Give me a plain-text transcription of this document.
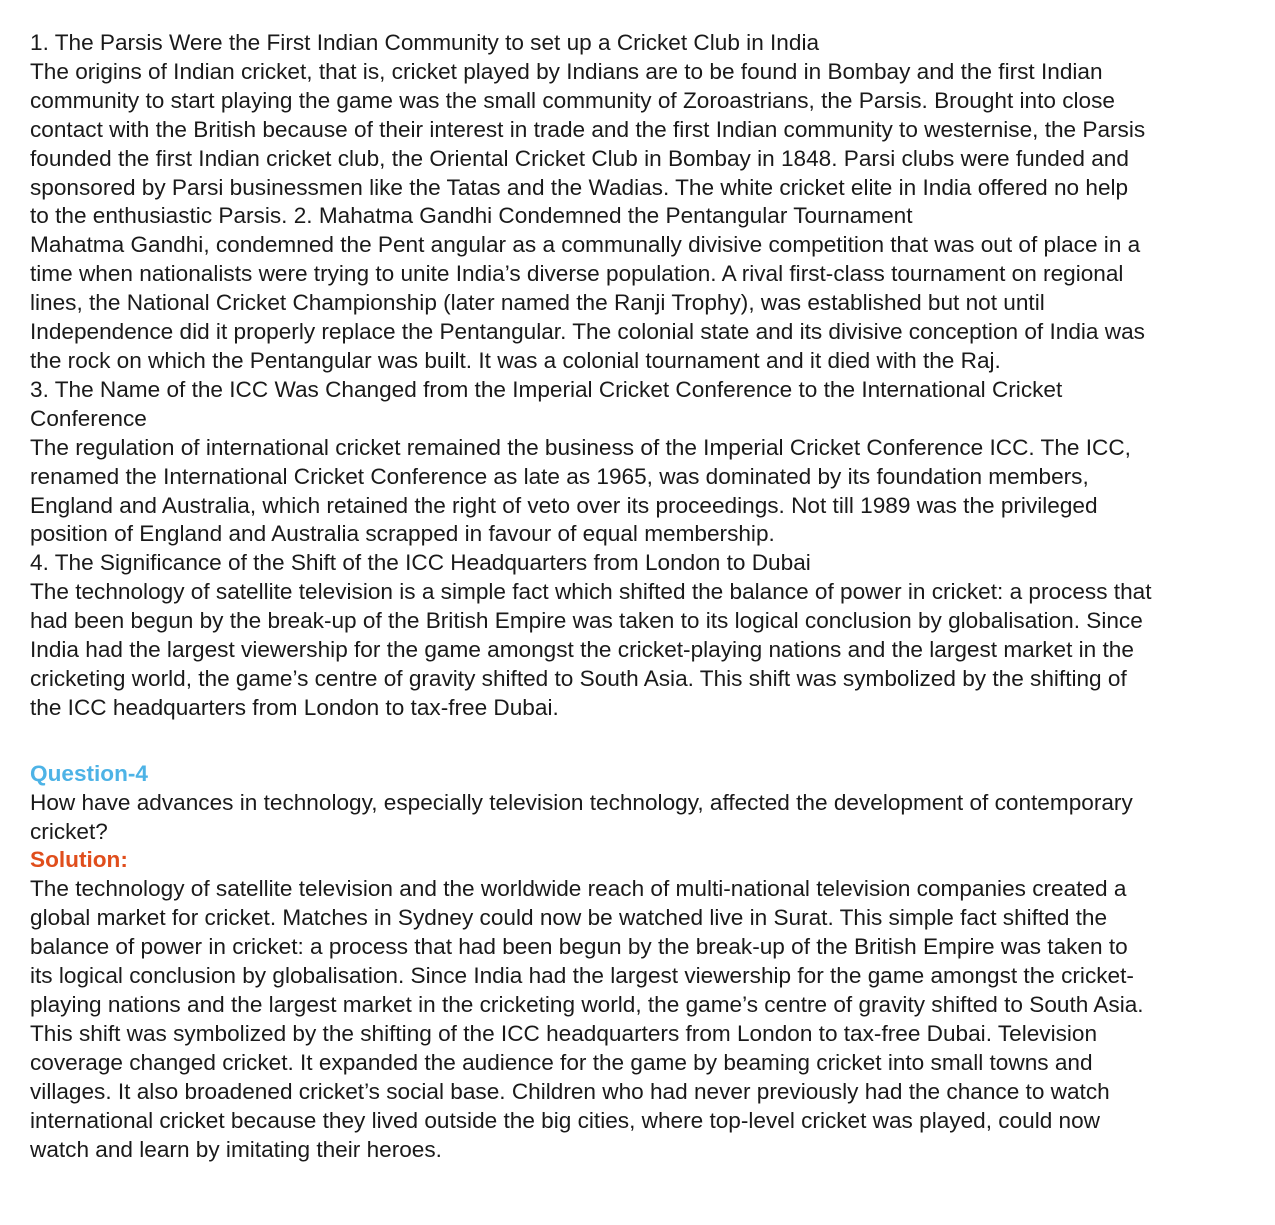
1. The Parsis Were the First Indian Community to set up a Cricket Club in India
The origins of Indian cricket, that is, cricket played by Indians are to be found in Bombay and the first Indian
community to start playing the game was the small community of Zoroastrians, the Parsis. Brought into close
contact with the British because of their interest in trade and the first Indian community to westernise, the Parsis
founded the first Indian cricket club, the Oriental Cricket Club in Bombay in 1848. Parsi clubs were funded and
sponsored by Parsi businessmen like the Tatas and the Wadias. The white cricket elite in India offered no help
to the enthusiastic Parsis. 2. Mahatma Gandhi Condemned the Pentangular Tournament
Mahatma Gandhi, condemned the Pent angular as a communally divisive competition that was out of place in a
time when nationalists were trying to unite India’s diverse population. A rival first-class tournament on regional
lines, the National Cricket Championship (later named the Ranji Trophy), was established but not until
Independence did it properly replace the Pentangular. The colonial state and its divisive conception of India was
the rock on which the Pentangular was built. It was a colonial tournament and it died with the Raj.
3. The Name of the ICC Was Changed from the Imperial Cricket Conference to the International Cricket
Conference
The regulation of international cricket remained the business of the Imperial Cricket Conference ICC. The ICC,
renamed the International Cricket Conference as late as 1965, was dominated by its foundation members,
England and Australia, which retained the right of veto over its proceedings. Not till 1989 was the privileged
position of England and Australia scrapped in favour of equal membership.
4. The Significance of the Shift of the ICC Headquarters from London to Dubai
The technology of satellite television is a simple fact which shifted the balance of power in cricket: a process that
had been begun by the break-up of the British Empire was taken to its logical conclusion by globalisation. Since
India had the largest viewership for the game amongst the cricket-playing nations and the largest market in the
cricketing world, the game’s centre of gravity shifted to South Asia. This shift was symbolized by the shifting of
the ICC headquarters from London to tax-free Dubai.
Question-4
How have advances in technology, especially television technology, affected the development of contemporary
cricket?
Solution:
The technology of satellite television and the worldwide reach of multi-national television companies created a
global market for cricket. Matches in Sydney could now be watched live in Surat. This simple fact shifted the
balance of power in cricket: a process that had been begun by the break-up of the British Empire was taken to
its logical conclusion by globalisation. Since India had the largest viewership for the game amongst the cricket-
playing nations and the largest market in the cricketing world, the game’s centre of gravity shifted to South Asia.
This shift was symbolized by the shifting of the ICC headquarters from London to tax-free Dubai. Television
coverage changed cricket. It expanded the audience for the game by beaming cricket into small towns and
villages. It also broadened cricket’s social base. Children who had never previously had the chance to watch
international cricket because they lived outside the big cities, where top-level cricket was played, could now
watch and learn by imitating their heroes.
